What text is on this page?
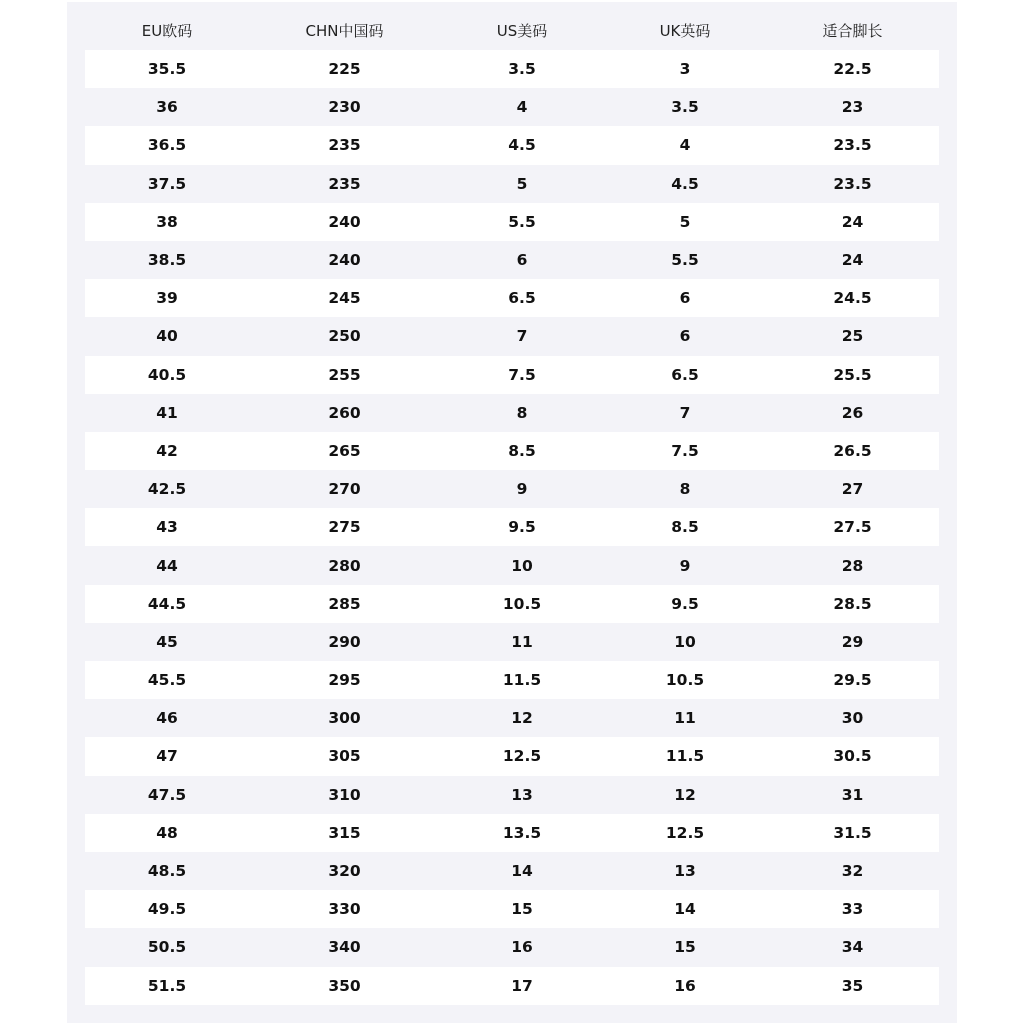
EU欧码	CHN中国码	US美码	UK英码	适合脚长
35.5	225	3.5	3	22.5
36	230	4	3.5	23
36.5	235	4.5	4	23.5
37.5	235	5	4.5	23.5
38	240	5.5	5	24
38.5	240	6	5.5	24
39	245	6.5	6	24.5
40	250	7	6	25
40.5	255	7.5	6.5	25.5
41	260	8	7	26
42	265	8.5	7.5	26.5
42.5	270	9	8	27
43	275	9.5	8.5	27.5
44	280	10	9	28
44.5	285	10.5	9.5	28.5
45	290	11	10	29
45.5	295	11.5	10.5	29.5
46	300	12	11	30
47	305	12.5	11.5	30.5
47.5	310	13	12	31
48	315	13.5	12.5	31.5
48.5	320	14	13	32
49.5	330	15	14	33
50.5	340	16	15	34
51.5	350	17	16	35
